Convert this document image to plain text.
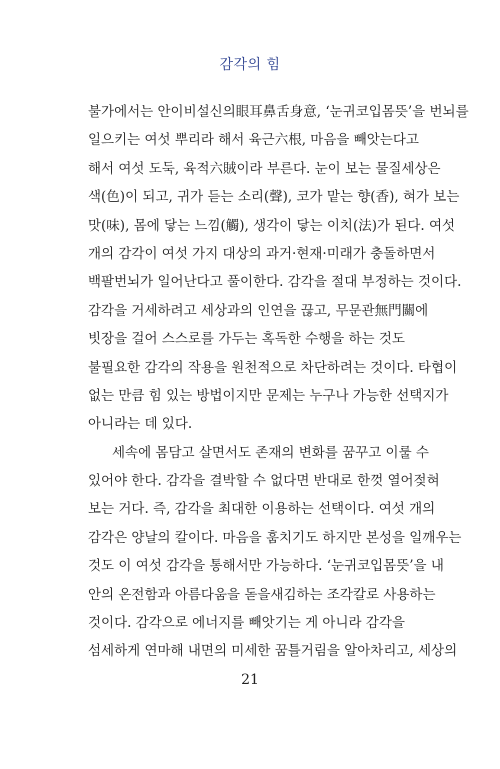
감각의 힘
불가에서는 안이비설신의眼耳鼻舌身意, ‘눈귀코입몸뜻’을 번뇌를
일으키는 여섯 뿌리라 해서 육근六根, 마음을 빼앗는다고
해서 여섯 도둑, 육적六賊이라 부른다. 눈이 보는 물질세상은
색(色)이 되고, 귀가 듣는 소리(聲), 코가 맡는 향(香), 혀가 보는
맛(味), 몸에 닿는 느낌(觸), 생각이 닿는 이치(法)가 된다. 여섯
개의 감각이 여섯 가지 대상의 과거·현재·미래가 충돌하면서
백팔번뇌가 일어난다고 풀이한다. 감각을 절대 부정하는 것이다.
감각을 거세하려고 세상과의 인연을 끊고, 무문관無門關에
빗장을 걸어 스스로를 가두는 혹독한 수행을 하는 것도
불필요한 감각의 작용을 원천적으로 차단하려는 것이다. 타협이
없는 만큼 힘 있는 방법이지만 문제는 누구나 가능한 선택지가
아니라는 데 있다.
세속에 몸담고 살면서도 존재의 변화를 꿈꾸고 이룰 수
있어야 한다. 감각을 결박할 수 없다면 반대로 한껏 열어젖혀
보는 거다. 즉, 감각을 최대한 이용하는 선택이다. 여섯 개의
감각은 양날의 칼이다. 마음을 훔치기도 하지만 본성을 일깨우는
것도 이 여섯 감각을 통해서만 가능하다. ‘눈귀코입몸뜻’을 내
안의 온전함과 아름다움을 돋을새김하는 조각칼로 사용하는
것이다. 감각으로 에너지를 빼앗기는 게 아니라 감각을
섬세하게 연마해 내면의 미세한 꿈틀거림을 알아차리고, 세상의
21
